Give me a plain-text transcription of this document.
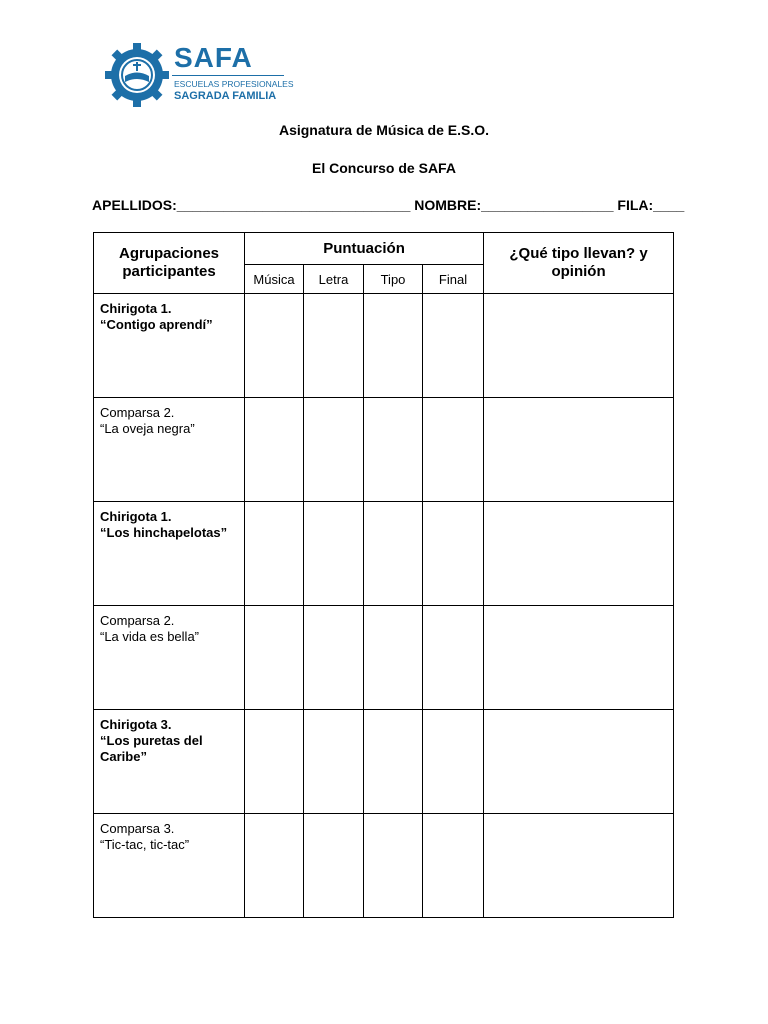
SAFA
ESCUELAS PROFESIONALES
SAGRADA FAMILIA
Asignatura de Música de E.S.O.
El Concurso de SAFA
APELLIDOS:______________________________ NOMBRE:_________________ FILA:____
Agrupaciones participantes	Puntuación				¿Qué tipo llevan? y opinión
	Música	Letra	Tipo	Final	

Chirigota 1.
“Contigo aprendí”					

Comparsa 2.
“La oveja negra”					

Chirigota 1.
“Los hinchapelotas”					

Comparsa 2.
“La vida es bella”					

Chirigota 3.
“Los puretas del Caribe”					

Comparsa 3.
“Tic-tac, tic-tac”					
